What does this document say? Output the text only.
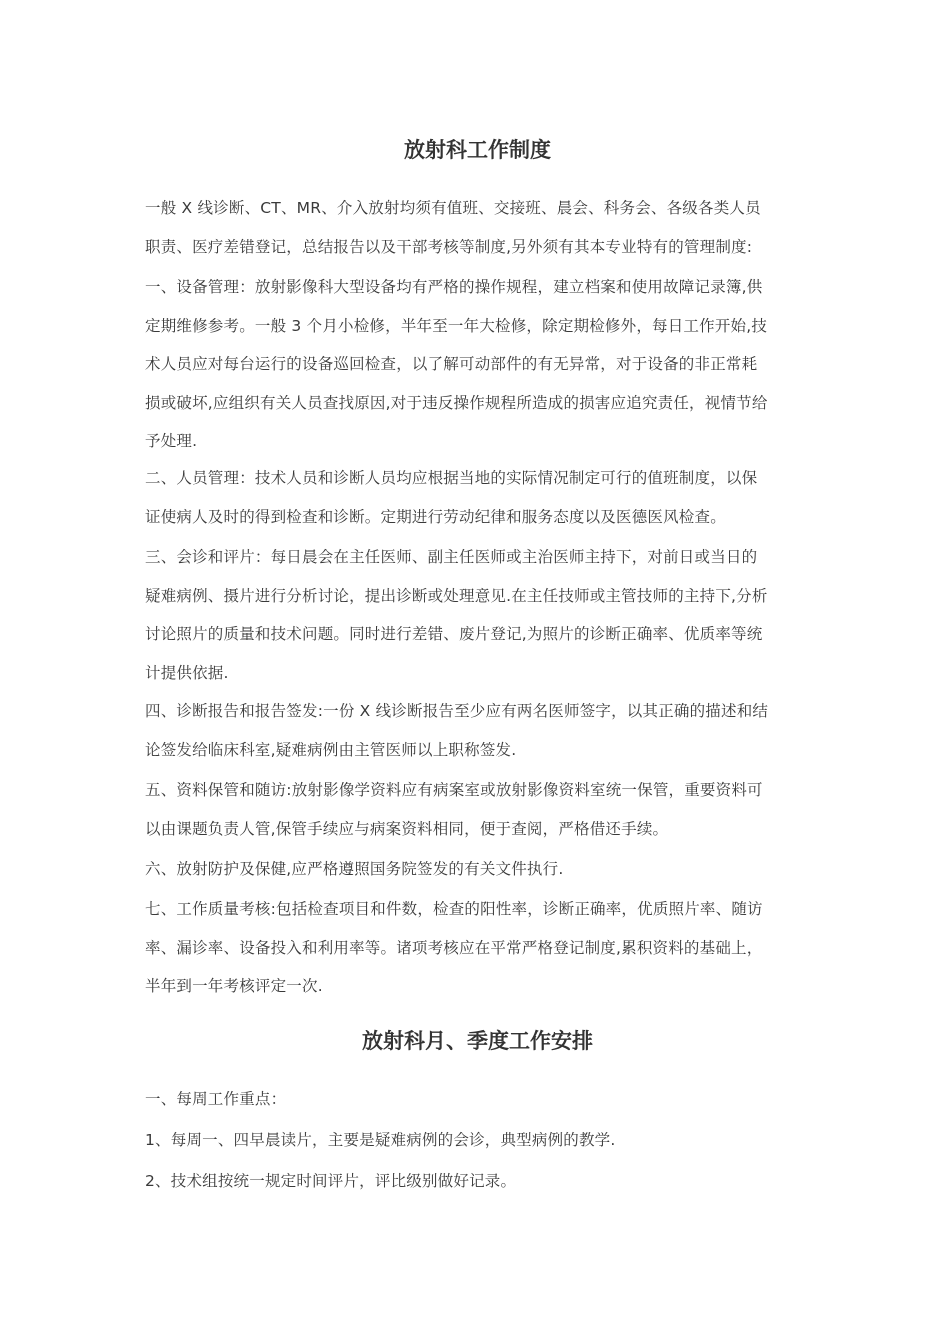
放射科工作制度

一般 X 线诊断、CT、MR、介入放射均须有值班、交接班、晨会、科务会、各级各类人员
职责、医疗差错登记，总结报告以及干部考核等制度,另外须有其本专业特有的管理制度:

一、设备管理：放射影像科大型设备均有严格的操作规程，建立档案和使用故障记录簿,供
定期维修参考。一般 3 个月小检修，半年至一年大检修，除定期检修外，每日工作开始,技
术人员应对每台运行的设备巡回检查，以了解可动部件的有无异常，对于设备的非正常耗
损或破坏,应组织有关人员查找原因,对于违反操作规程所造成的损害应追究责任，视情节给
予处理.

二、人员管理：技术人员和诊断人员均应根据当地的实际情况制定可行的值班制度，以保
证使病人及时的得到检查和诊断。定期进行劳动纪律和服务态度以及医德医风检查。

三、会诊和评片：每日晨会在主任医师、副主任医师或主治医师主持下，对前日或当日的
疑难病例、摄片进行分析讨论，提出诊断或处理意见.在主任技师或主管技师的主持下,分析
讨论照片的质量和技术问题。同时进行差错、废片登记,为照片的诊断正确率、优质率等统
计提供依据.

四、诊断报告和报告签发:一份 X 线诊断报告至少应有两名医师签字，以其正确的描述和结
论签发给临床科室,疑难病例由主管医师以上职称签发.

五、资料保管和随访:放射影像学资料应有病案室或放射影像资料室统一保管，重要资料可
以由课题负责人管,保管手续应与病案资料相同，便于查阅，严格借还手续。

六、放射防护及保健,应严格遵照国务院签发的有关文件执行.

七、工作质量考核:包括检查项目和件数，检查的阳性率，诊断正确率，优质照片率、随访
率、漏诊率、设备投入和利用率等。诸项考核应在平常严格登记制度,累积资料的基础上，
半年到一年考核评定一次.

放射科月、季度工作安排

一、每周工作重点：

1、每周一、四早晨读片，主要是疑难病例的会诊，典型病例的教学.

2、技术组按统一规定时间评片，评比级别做好记录。
